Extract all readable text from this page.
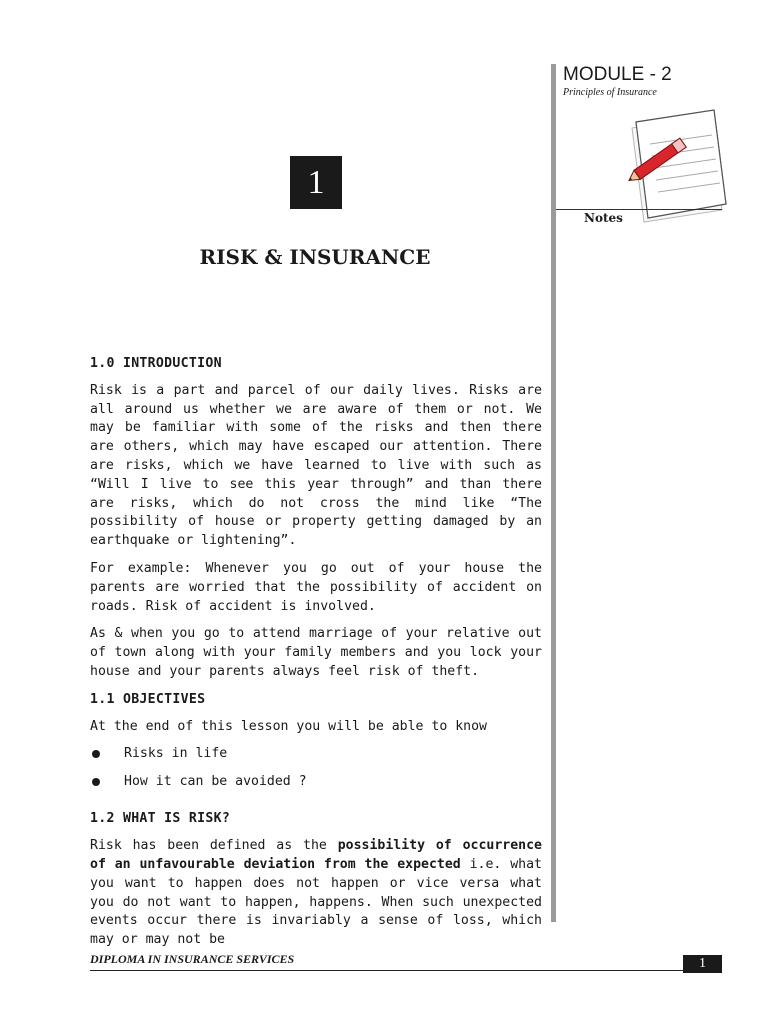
MODULE - 2
Principles of Insurance
Notes
1
RISK & INSURANCE
1.0 INTRODUCTION

Risk is a part and parcel of our daily lives. Risks are all around us whether we are aware of them or not. We may be familiar with some of the risks and then there are others, which may have escaped our attention. There are risks, which we have learned to live with such as “Will I live to see this year through” and than there are risks, which do not cross the mind like “The possibility of house or property getting damaged by an earthquake or lightening”.

For example: Whenever you go out of your house the parents are worried that the possibility of accident on roads. Risk of accident is involved.

As & when you go to attend marriage of your relative out of town along with your family members and you lock your house and your parents always feel risk of theft.

1.1 OBJECTIVES

At the end of this lesson you will be able to know

Risks in life
How it can be avoided ?
1.2 WHAT IS RISK?

Risk has been defined as the possibility of occurrence of an unfavourable deviation from the expected i.e. what you want to happen does not happen or vice versa what you do not want to happen, happens. When such unexpected events occur there is invariably a sense of loss, which may or may not be

DIPLOMA IN INSURANCE SERVICES	1
